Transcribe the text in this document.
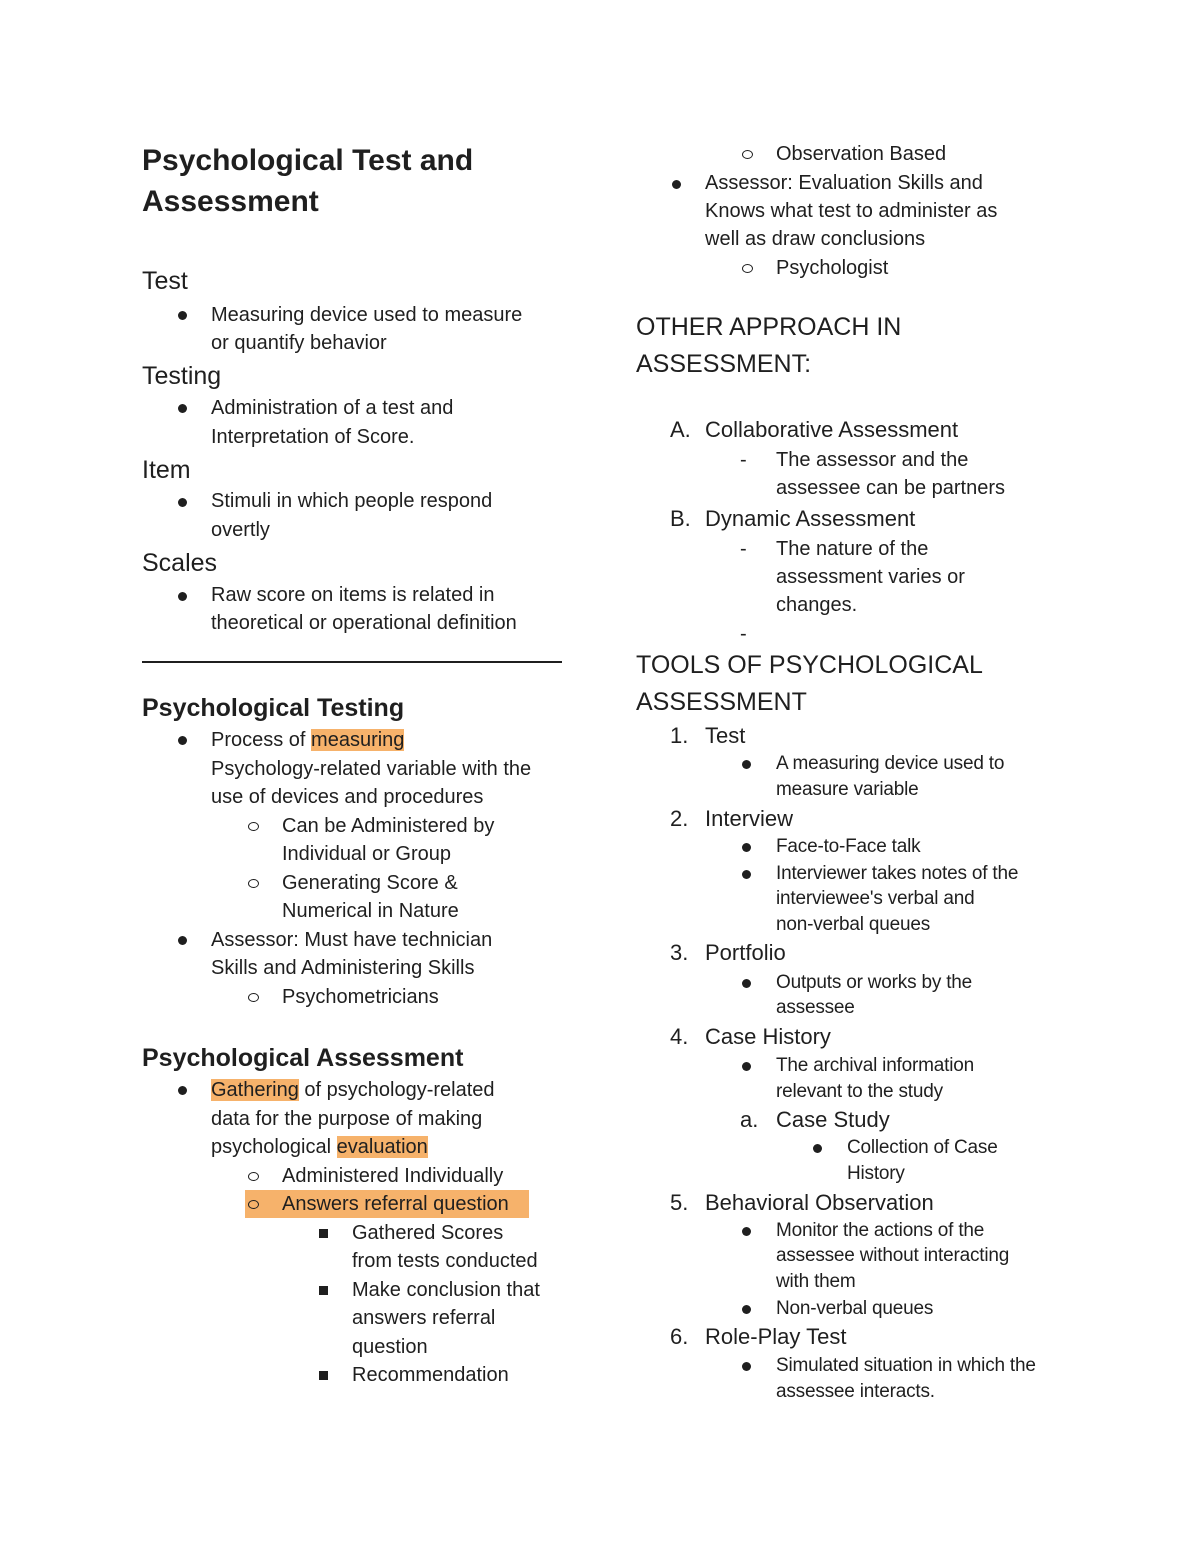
Psychological Test and
Assessment
Test
Measuring device used to measure
or quantify behavior
Testing
Administration of a test and
Interpretation of Score.
Item
Stimuli in which people respond
overtly
Scales
Raw score on items is related in
theoretical or operational definition
Psychological Testing
Process of measuring
Psychology-related variable with the
use of devices and procedures
Can be Administered by
Individual or Group
Generating Score &
Numerical in Nature
Assessor: Must have technician
Skills and Administering Skills
Psychometricians
Psychological Assessment
Gathering of psychology-related
data for the purpose of making
psychological evaluation
Administered Individually
Answers referral question
Gathered Scores
from tests conducted
Make conclusion that
answers referral
question
Recommendation
Observation Based
Assessor: Evaluation Skills and
Knows what test to administer as
well as draw conclusions
Psychologist
OTHER APPROACH IN
ASSESSMENT:
A. Collaborative Assessment
- The assessor and the
assessee can be partners
B. Dynamic Assessment
- The nature of the
assessment varies or
changes.
-
TOOLS OF PSYCHOLOGICAL
ASSESSMENT
1. Test
A measuring device used to
measure variable
2. Interview
Face-to-Face talk
Interviewer takes notes of the
interviewee's verbal and
non-verbal queues
3. Portfolio
Outputs or works by the
assessee
4. Case History
The archival information
relevant to the study
a. Case Study
Collection of Case
History
5. Behavioral Observation
Monitor the actions of the
assessee without interacting
with them
Non-verbal queues
6. Role-Play Test
Simulated situation in which the
assessee interacts.
